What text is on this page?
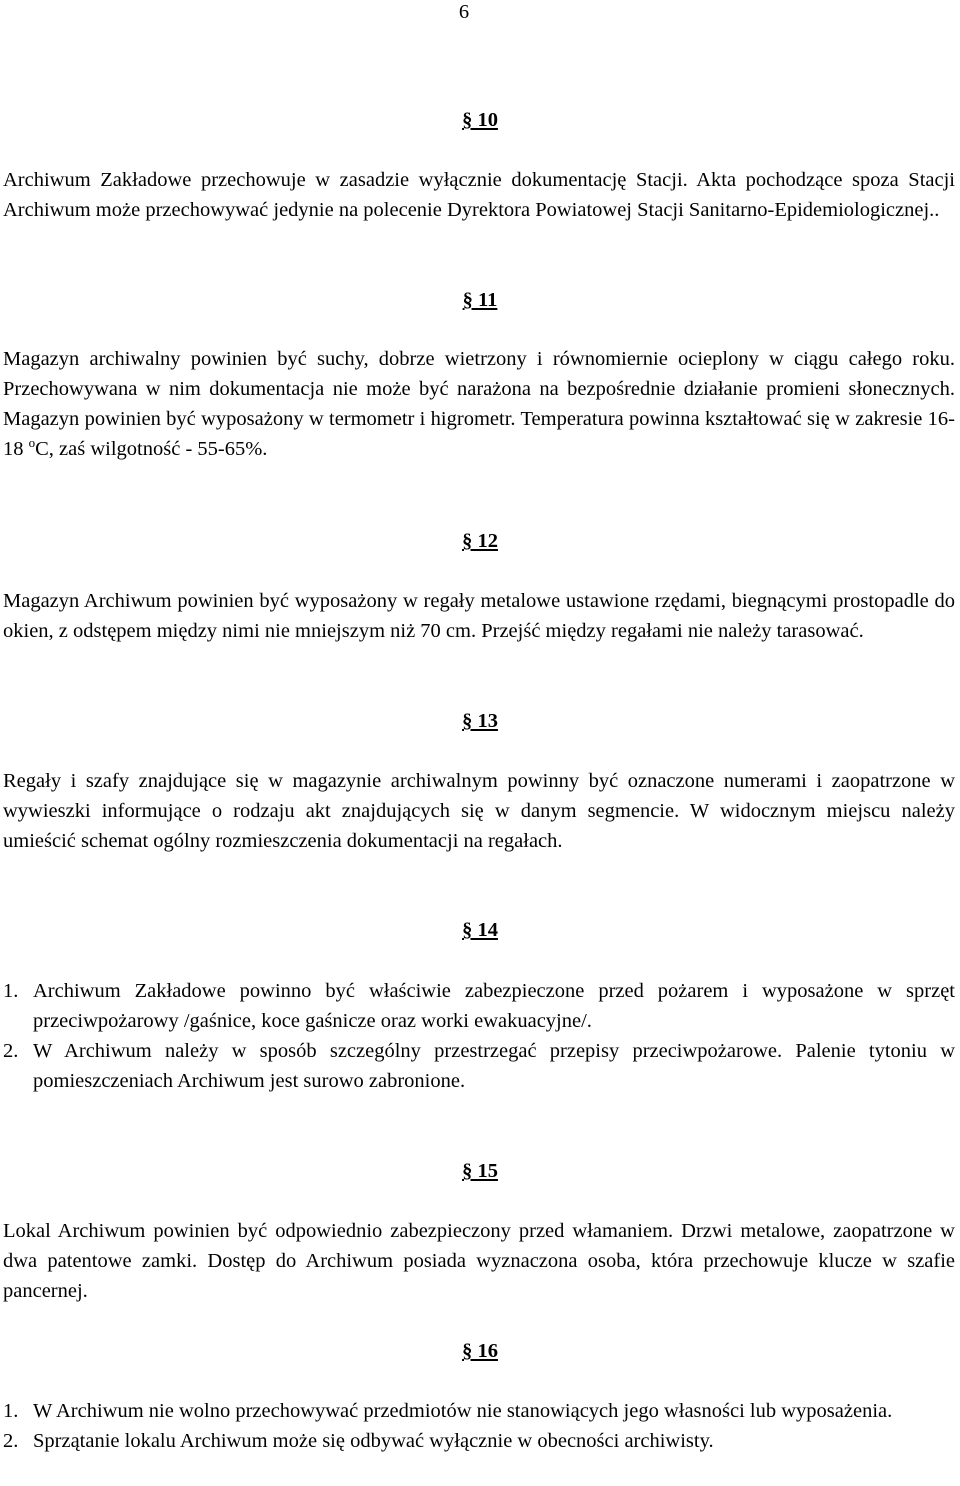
6
§ 10

Archiwum Zakładowe przechowuje w zasadzie wyłącznie dokumentację Stacji. Akta pochodzące spoza Stacji Archiwum może przechowywać jedynie na polecenie Dyrektora Powiatowej Stacji Sanitarno-Epidemiologicznej..

§ 11

Magazyn archiwalny powinien być suchy, dobrze wietrzony i równomiernie ocieplony w ciągu całego roku. Przechowywana w nim dokumentacja nie może być narażona na bezpośrednie działanie promieni słonecznych. Magazyn powinien być wyposażony w termometr i higrometr. Temperatura powinna kształtować się w zakresie 16-18 $^o$C, zaś wilgotność - 55-65%.

§ 12

Magazyn Archiwum powinien być wyposażony w regały metalowe ustawione rzędami, biegnącymi prostopadle do okien, z odstępem między nimi nie mniejszym niż 70 cm. Przejść między regałami nie należy tarasować.

§ 13

Regały i szafy znajdujące się w magazynie archiwalnym powinny być oznaczone numerami i zaopatrzone w wywieszki informujące o rodzaju akt znajdujących się w danym segmencie. W widocznym miejscu należy umieścić schemat ogólny rozmieszczenia dokumentacji na regałach.

§ 14
1. Archiwum Zakładowe powinno być właściwie zabezpieczone przed pożarem i wyposażone w sprzęt przeciwpożarowy /gaśnice, koce gaśnicze oraz worki ewakuacyjne/.
2. W Archiwum należy w sposób szczególny przestrzegać przepisy przeciwpożarowe. Palenie tytoniu w pomieszczeniach Archiwum jest surowo zabronione.
§ 15

Lokal Archiwum powinien być odpowiednio zabezpieczony przed włamaniem. Drzwi metalowe, zaopatrzone w dwa patentowe zamki. Dostęp do Archiwum posiada wyznaczona osoba, która przechowuje klucze w szafie pancernej.

§ 16
1. W Archiwum nie wolno przechowywać przedmiotów nie stanowiących jego własności lub wyposażenia.
2. Sprzątanie lokalu Archiwum może się odbywać wyłącznie w obecności archiwisty.
